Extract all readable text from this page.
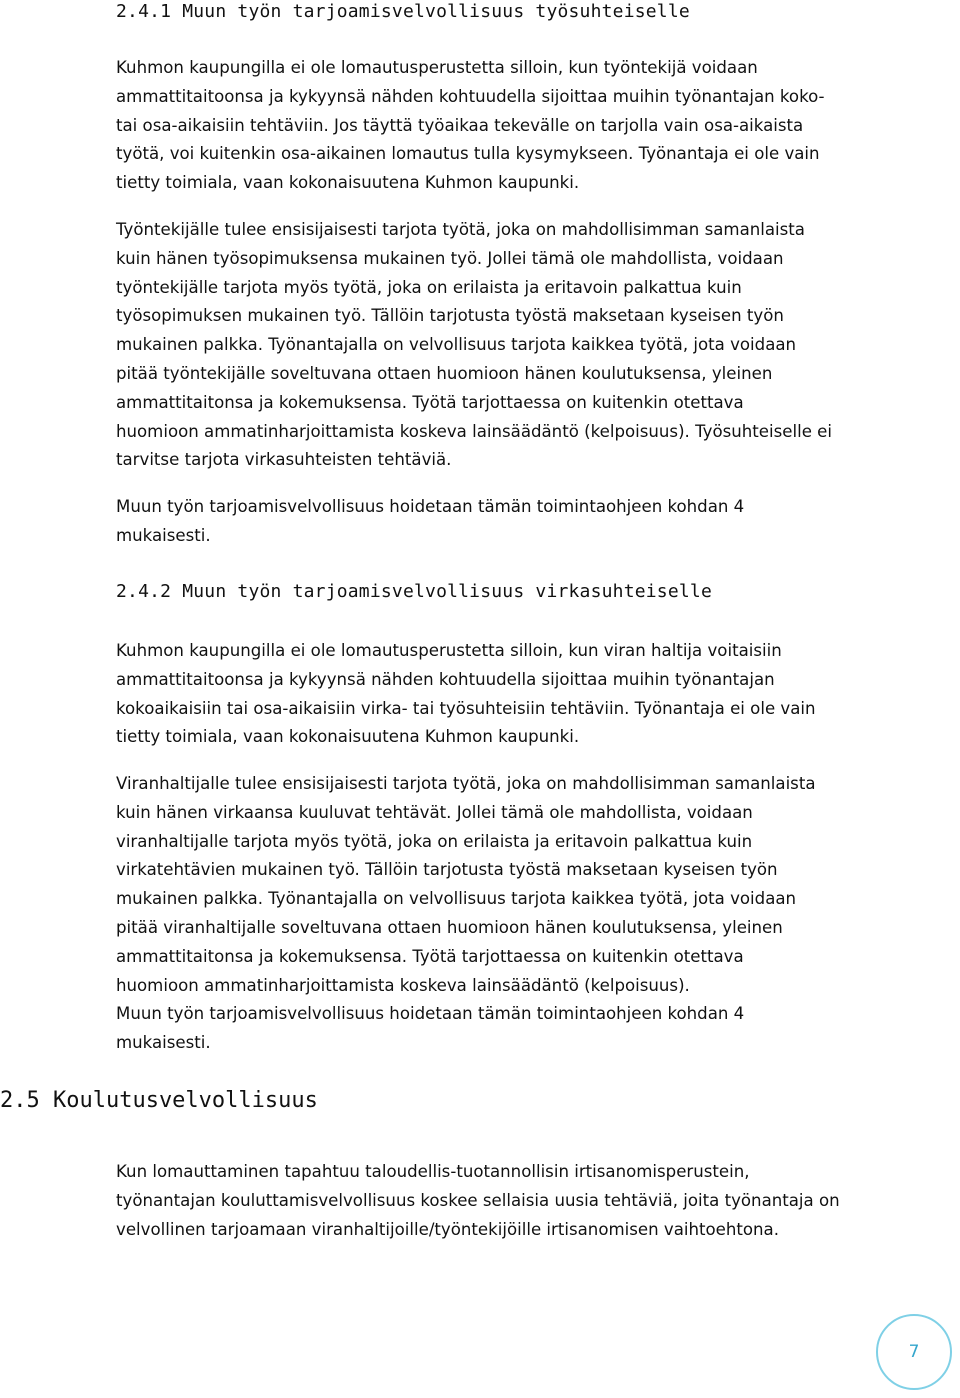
2.4.1 Muun työn tarjoamisvelvollisuus työsuhteiselle
Kuhmon kaupungilla ei ole lomautusperustetta silloin, kun työntekijä voidaan
ammattitaitoonsa ja kykyynsä nähden kohtuudella sijoittaa muihin työnantajan koko-
tai osa-aikaisiin tehtäviin. Jos täyttä työaikaa tekevälle on tarjolla vain osa-aikaista
työtä, voi kuitenkin osa-aikainen lomautus tulla kysymykseen. Työnantaja ei ole vain
tietty toimiala, vaan kokonaisuutena Kuhmon kaupunki.
Työntekijälle tulee ensisijaisesti tarjota työtä, joka on mahdollisimman samanlaista
kuin hänen työsopimuksensa mukainen työ. Jollei tämä ole mahdollista, voidaan
työntekijälle tarjota myös työtä, joka on erilaista ja eritavoin palkattua kuin
työsopimuksen mukainen työ. Tällöin tarjotusta työstä maksetaan kyseisen työn
mukainen palkka. Työnantajalla on velvollisuus tarjota kaikkea työtä, jota voidaan
pitää työntekijälle soveltuvana ottaen huomioon hänen koulutuksensa, yleinen
ammattitaitonsa ja kokemuksensa. Työtä tarjottaessa on kuitenkin otettava
huomioon ammatinharjoittamista koskeva lainsäädäntö (kelpoisuus). Työsuhteiselle ei
tarvitse tarjota virkasuhteisten tehtäviä.
Muun työn tarjoamisvelvollisuus hoidetaan tämän toimintaohjeen kohdan 4
mukaisesti.
2.4.2 Muun työn tarjoamisvelvollisuus virkasuhteiselle
Kuhmon kaupungilla ei ole lomautusperustetta silloin, kun viran haltija voitaisiin
ammattitaitoonsa ja kykyynsä nähden kohtuudella sijoittaa muihin työnantajan
kokoaikaisiin tai osa-aikaisiin virka- tai työsuhteisiin tehtäviin. Työnantaja ei ole vain
tietty toimiala, vaan kokonaisuutena Kuhmon kaupunki.
Viranhaltijalle tulee ensisijaisesti tarjota työtä, joka on mahdollisimman samanlaista
kuin hänen virkaansa kuuluvat tehtävät. Jollei tämä ole mahdollista, voidaan
viranhaltijalle tarjota myös työtä, joka on erilaista ja eritavoin palkattua kuin
virkatehtävien mukainen työ. Tällöin tarjotusta työstä maksetaan kyseisen työn
mukainen palkka. Työnantajalla on velvollisuus tarjota kaikkea työtä, jota voidaan
pitää viranhaltijalle soveltuvana ottaen huomioon hänen koulutuksensa, yleinen
ammattitaitonsa ja kokemuksensa. Työtä tarjottaessa on kuitenkin otettava
huomioon ammatinharjoittamista koskeva lainsäädäntö (kelpoisuus).
Muun työn tarjoamisvelvollisuus hoidetaan tämän toimintaohjeen kohdan 4
mukaisesti.
2.5 Koulutusvelvollisuus
Kun lomauttaminen tapahtuu taloudellis-tuotannollisin irtisanomisperustein,
työnantajan kouluttamisvelvollisuus koskee sellaisia uusia tehtäviä, joita työnantaja on
velvollinen tarjoamaan viranhaltijoille/työntekijöille irtisanomisen vaihtoehtona.
7
